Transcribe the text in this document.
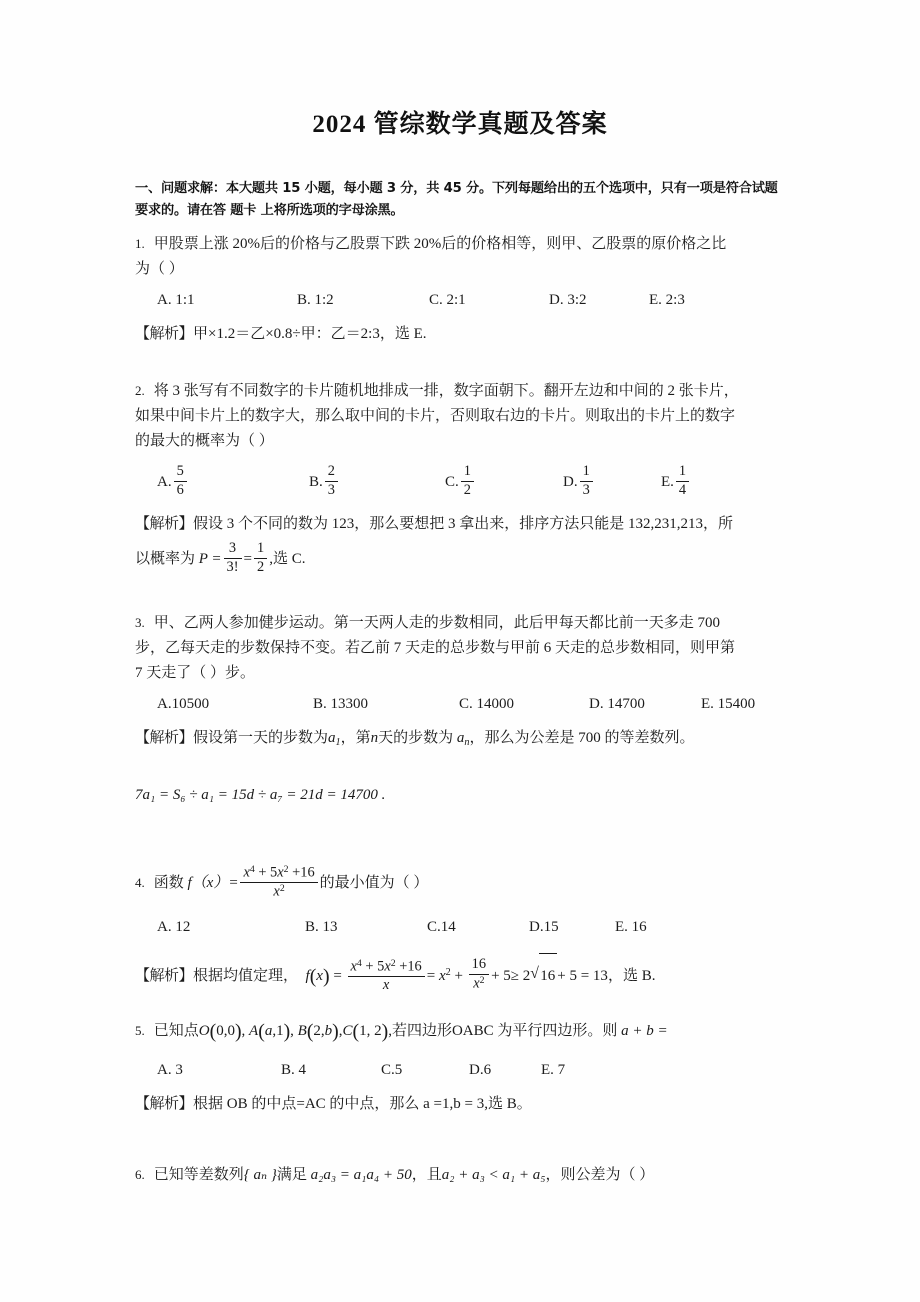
2024 管综数学真题及答案
一、问题求解：本大题共 15 小题，每小题 3 分，共 45 分。下列每题给出的五个选项中，只有一项是符合试题要求的。请在答 题卡 上将所选项的字母涂黑。
1. 甲股票上涨 20%后的价格与乙股票下跌 20%后的价格相等，则甲、乙股票的原价格之比
为（ ）
A. 1:1	B. 1:2	C. 2:1	D. 3:2	E. 2:3
【解析】甲×1.2＝乙×0.8÷甲：乙＝2:3，选 E.
2. 将 3 张写有不同数字的卡片随机地排成一排，数字面朝下。翻开左边和中间的 2 张卡片，
如果中间卡片上的数字大，那么取中间的卡片，否则取右边的卡片。则取出的卡片上的数字
的最大的概率为（ ）
A. $\frac{5}{6}$	B. $\frac{2}{3}$	C. $\frac{1}{2}$	D. $\frac{1}{3}$	E. $\frac{1}{4}$
【解析】假设 3 个不同的数为 123，那么要想把 3 拿出来，排序方法只能是 132,231,213，所
以概率为 $P = \frac{3}{3!} = \frac{1}{2}$ ,选 C.
3. 甲、乙两人参加健步运动。第一天两人走的步数相同，此后甲每天都比前一天多走 700
步，乙每天走的步数保持不变。若乙前 7 天走的总步数与甲前 6 天走的总步数相同，则甲第
7 天走了（ ）步。
A.10500	B. 13300	C. 14000	D. 14700	E. 15400
【解析】假设第一天的步数为$a_1$，第n天的步数为 $a_n$，那么为公差是 700 的等差数列。
7a₁ = S₆ ÷ a₁ = 15d ÷ a₇ = 21d = 14700 .
4. 函数 $f(x)= \frac{x^4 + 5x^2 +16}{x^2}$ 的最小值为（ ）
A. 12	B. 13	C.14	D.15	E. 16
【解析】根据均值定理， $f(x) = \frac{x^4 + 5x^2 +16}{x} = x^2 + \frac{16}{x^2} + 5\ge 2$ √ 16 + 5 = 13，选 B.
5. 已知点O(0,0), A(a,1), B(2,b),C(1, 2),若四边形OABC 为平行四边形。则 a + b =
A. 3	B. 4	C.5	D.6	E. 7
【解析】根据 OB 的中点=AC 的中点，那么 a =1,b = 3,选 B。
6. 已知等差数列{ aₙ }满足 a₂a₃ = a₁a₄ + 50，且a₂ + a₃ < a₁ + a₅，则公差为（ ）
